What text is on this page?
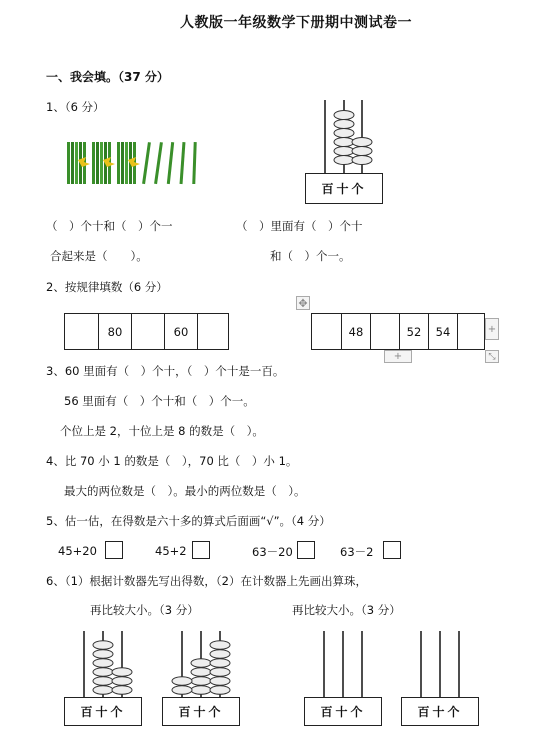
人教版一年级数学下册期中测试卷一
一、我会填。（37 分）
1、（6 分）
百十个
（　）个十和（　）个一	（　）里面有（　）个十
合起来是（　　）。	和（　）个一。
2、按规律填数（6 分）
80	60
✥
48	52	54	+
+	⤡
3、60 里面有（　）个十，（　）个十是一百。
56 里面有（　）个十和（　）个一。
个位上是 2，十位上是 8 的数是（　）。
4、比 70 小 1 的数是（　），70 比（　）小 1。
最大的两位数是（　）。最小的两位数是（　）。
5、估一估，在得数是六十多的算式后面画“√”。（4 分）
45+20	45+2	63－20	63－2
6、（1）根据计数器先写出得数，（2）在计数器上先画出算珠，
再比较大小。（3 分）	再比较大小。（3 分）
百十个	百十个	百十个	百十个
